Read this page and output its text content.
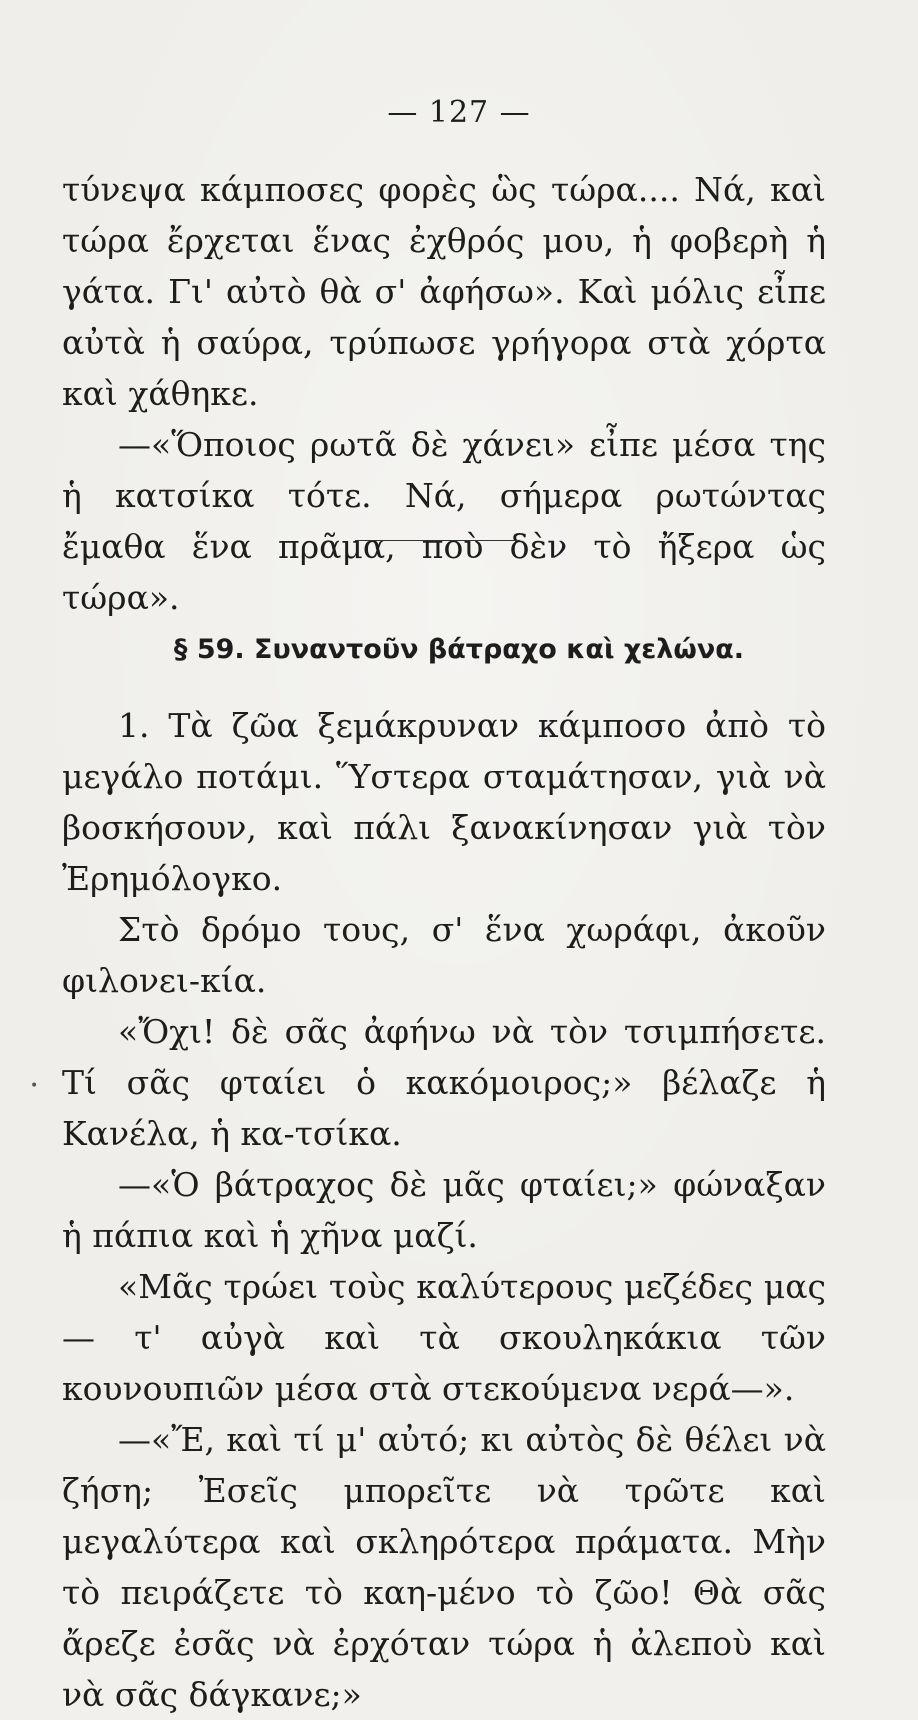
— 127 —

τύνεψα κάμποσες φορὲς ὣς τώρα.... Νά, καὶ τώρα ἔρχεται ἕνας ἐχθρός μου, ἡ φοβερὴ ἡ γάτα. Γι' αὐτὸ θὰ σ' ἀφήσω». Καὶ μόλις εἶπε αὐτὰ ἡ σαύρα, τρύπωσε γρήγορα στὰ χόρτα καὶ χάθηκε.

—«Ὅποιος ρωτᾶ δὲ χάνει» εἶπε μέσα της ἡ κατσίκα τότε. Νά, σήμερα ρωτώντας ἔμαθα ἕνα πρᾶμα, ποὺ δὲν τὸ ἤξερα ὡς τώρα».

§ 59. Συναντοῦν βάτραχο καὶ χελώνα.

1. Τὰ ζῶα ξεμάκρυναν κάμποσο ἀπὸ τὸ μεγάλο ποτάμι. Ὕστερα σταμάτησαν, γιὰ νὰ βοσκήσουν, καὶ πάλι ξανακίνησαν γιὰ τὸν Ἐρημόλογκο.

Στὸ δρόμο τους, σ' ἕνα χωράφι, ἀκοῦν φιλονει-κία.

«Ὄχι! δὲ σᾶς ἀφήνω νὰ τὸν τσιμπήσετε. Τί σᾶς φταίει ὁ κακόμοιρος;» βέλαζε ἡ Κανέλα, ἡ κα-τσίκα.

—«Ὁ βάτραχος δὲ μᾶς φταίει;» φώναξαν ἡ πάπια καὶ ἡ χῆνα μαζί.

«Μᾶς τρώει τοὺς καλύτερους μεζέδες μας— τ' αὐγὰ καὶ τὰ σκουληκάκια τῶν κουνουπιῶν μέσα στὰ στεκούμενα νερά—».

—«Ἔ, καὶ τί μ' αὐτό; κι αὐτὸς δὲ θέλει νὰ ζήση; Ἐσεῖς μπορεῖτε νὰ τρῶτε καὶ μεγαλύτερα καὶ σκληρότερα πράματα. Μὴν τὸ πειράζετε τὸ καη-μένο τὸ ζῶο! Θὰ σᾶς ἄρεζε ἐσᾶς νὰ ἐρχόταν τώρα ἡ ἀλεποὺ καὶ νὰ σᾶς δάγκανε;»

•
